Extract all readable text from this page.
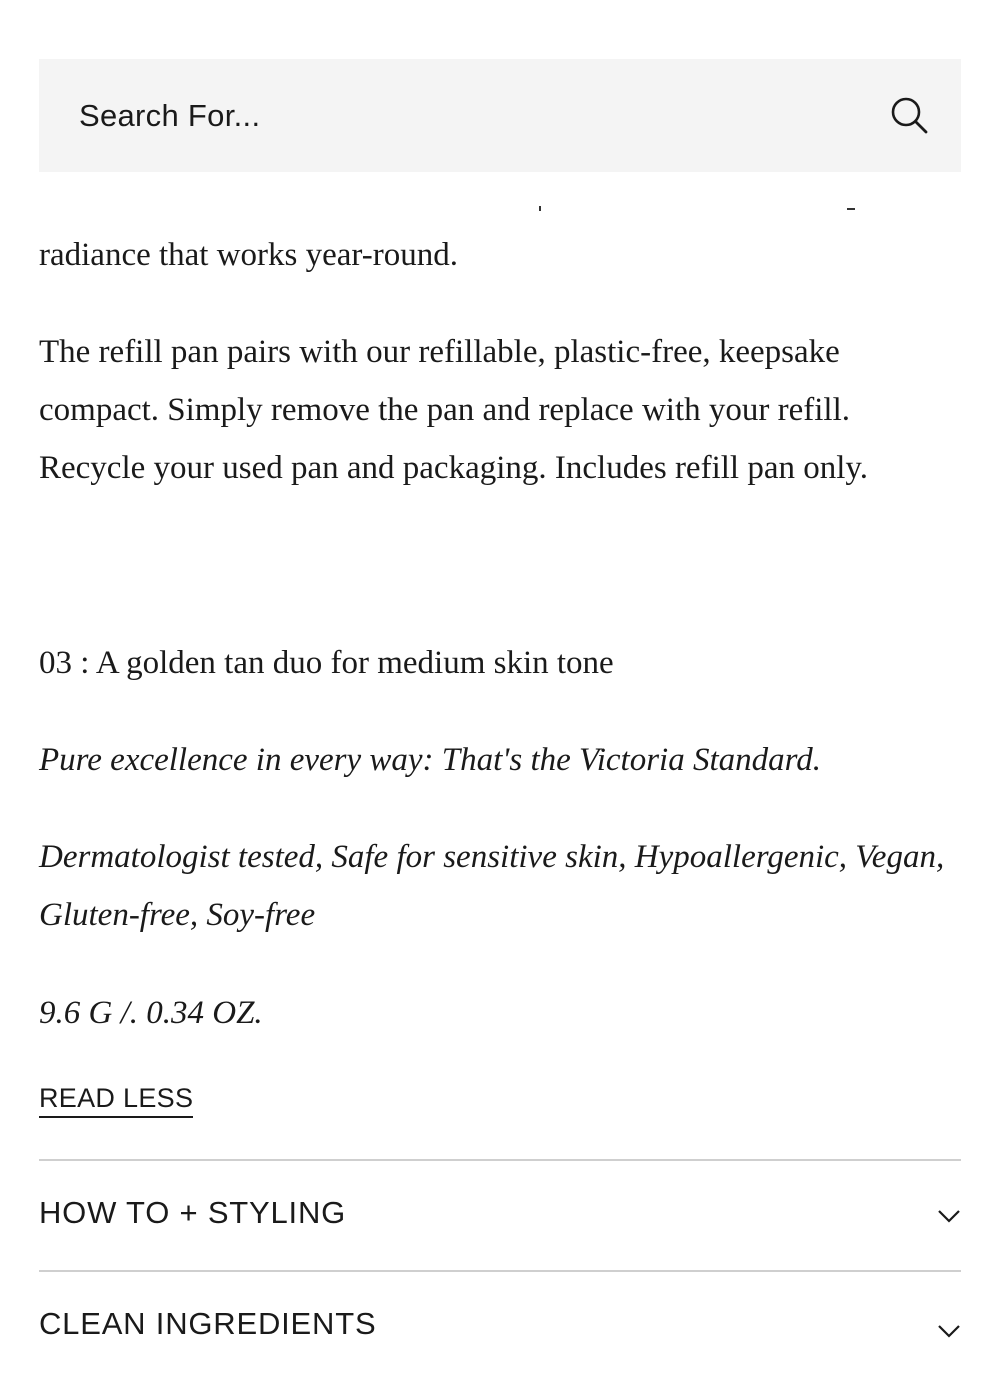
Search For...

radiance that works year-round.

The refill pan pairs with our refillable, plastic-free, keepsake compact. Simply remove the pan and replace with your refill. Recycle your used pan and packaging. Includes refill pan only.

03 : A golden tan duo for medium skin tone

Pure excellence in every way: That's the Victoria Standard.

Dermatologist tested, Safe for sensitive skin, Hypoallergenic, Vegan, Gluten-free, Soy-free

9.6 G /. 0.34 OZ.

READ LESS
HOW TO + STYLING
CLEAN INGREDIENTS
